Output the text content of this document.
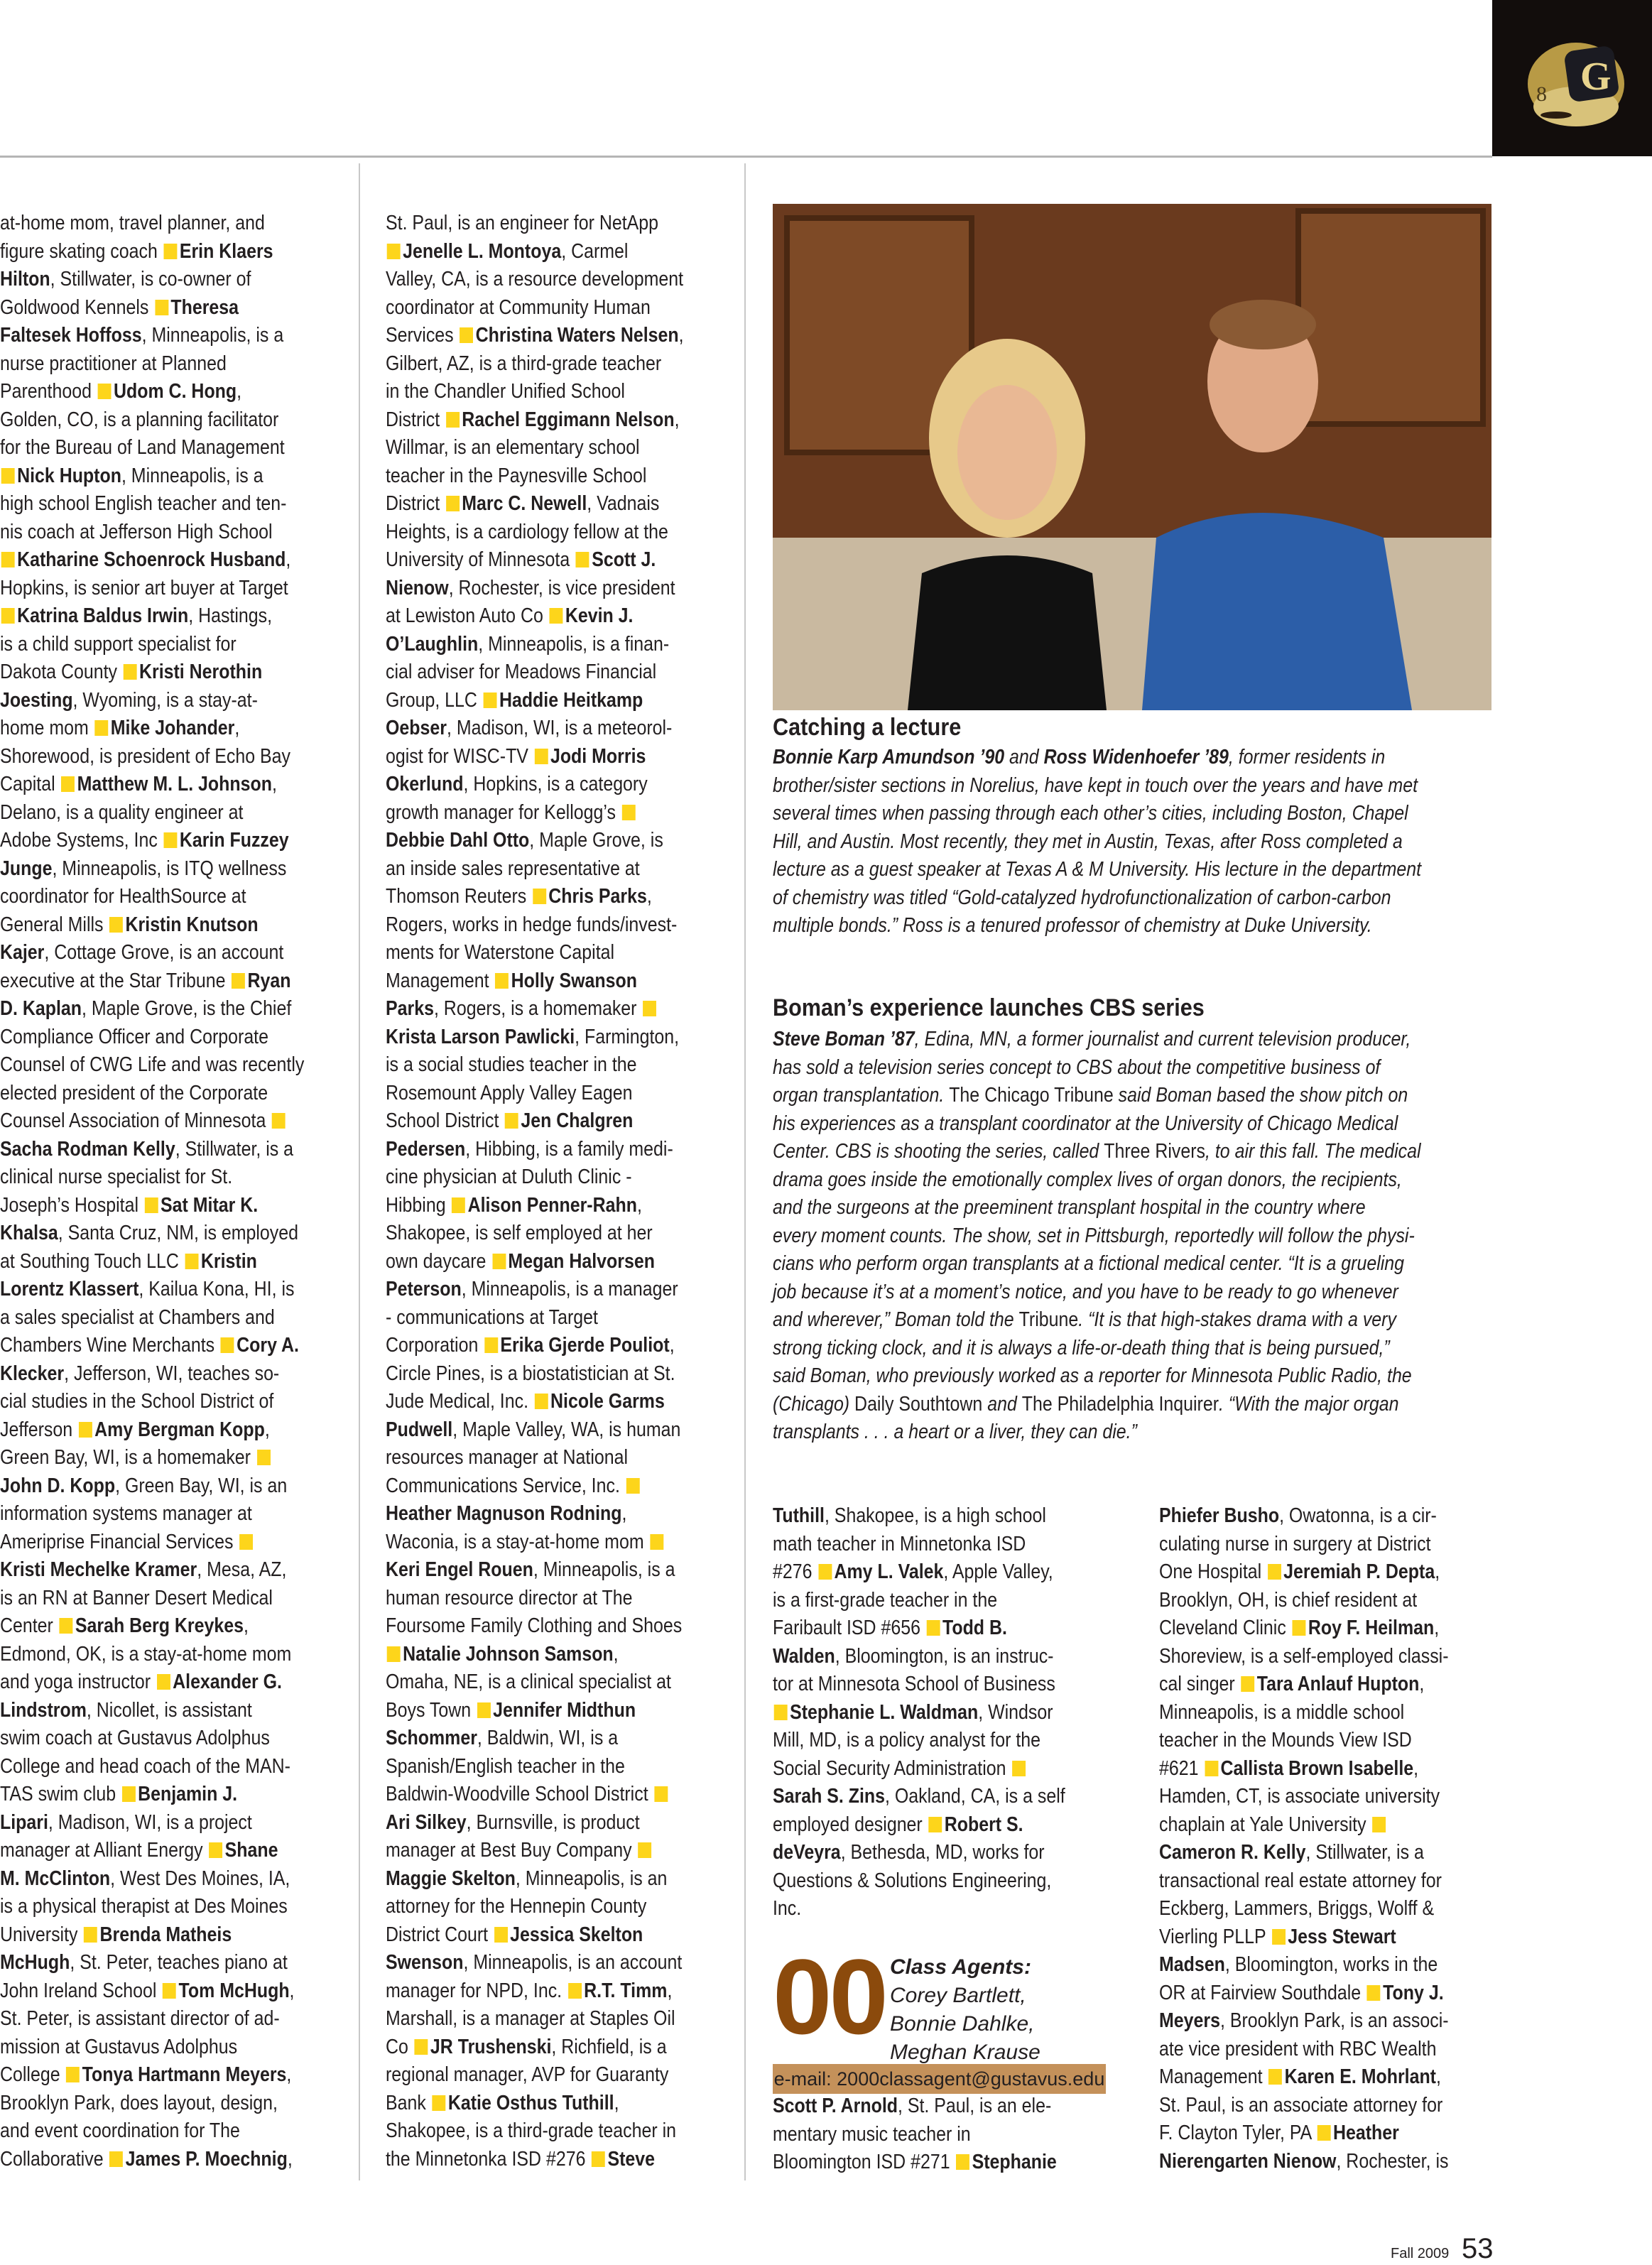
G
8
at-home mom, travel planner, and
figure skating coach Erin Klaers
Hilton, Stillwater, is co-owner of
Goldwood Kennels Theresa
Faltesek Hoffoss, Minneapolis, is a
nurse practitioner at Planned
Parenthood Udom C. Hong,
Golden, CO, is a planning facilitator
for the Bureau of Land Management
Nick Hupton, Minneapolis, is a
high school English teacher and ten-
nis coach at Jefferson High School
Katharine Schoenrock Husband,
Hopkins, is senior art buyer at Target
Katrina Baldus Irwin, Hastings,
is a child support specialist for
Dakota County Kristi Nerothin
Joesting, Wyoming, is a stay-at-
home mom Mike Johander,
Shorewood, is president of Echo Bay
Capital Matthew M. L. Johnson,
Delano, is a quality engineer at
Adobe Systems, Inc Karin Fuzzey
Junge, Minneapolis, is ITQ wellness
coordinator for HealthSource at
General Mills Kristin Knutson
Kajer, Cottage Grove, is an account
executive at the Star Tribune Ryan
D. Kaplan, Maple Grove, is the Chief
Compliance Officer and Corporate
Counsel of CWG Life and was recently
elected president of the Corporate
Counsel Association of Minnesota
Sacha Rodman Kelly, Stillwater, is a
clinical nurse specialist for St.
Joseph’s Hospital Sat Mitar K.
Khalsa, Santa Cruz, NM, is employed
at Southing Touch LLC Kristin
Lorentz Klassert, Kailua Kona, HI, is
a sales specialist at Chambers and
Chambers Wine Merchants Cory A.
Klecker, Jefferson, WI, teaches so-
cial studies in the School District of
Jefferson Amy Bergman Kopp,
Green Bay, WI, is a homemaker
John D. Kopp, Green Bay, WI, is an
information systems manager at
Ameriprise Financial Services
Kristi Mechelke Kramer, Mesa, AZ,
is an RN at Banner Desert Medical
Center Sarah Berg Kreykes,
Edmond, OK, is a stay-at-home mom
and yoga instructor Alexander G.
Lindstrom, Nicollet, is assistant
swim coach at Gustavus Adolphus
College and head coach of the MAN-
TAS swim club Benjamin J.
Lipari, Madison, WI, is a project
manager at Alliant Energy Shane
M. McClinton, West Des Moines, IA,
is a physical therapist at Des Moines
University Brenda Matheis
McHugh, St. Peter, teaches piano at
John Ireland School Tom McHugh,
St. Peter, is assistant director of ad-
mission at Gustavus Adolphus
College Tonya Hartmann Meyers,
Brooklyn Park, does layout, design,
and event coordination for The
Collaborative James P. Moechnig,
St. Paul, is an engineer for NetApp
Jenelle L. Montoya, Carmel
Valley, CA, is a resource development
coordinator at Community Human
Services Christina Waters Nelsen,
Gilbert, AZ, is a third-grade teacher
in the Chandler Unified School
District Rachel Eggimann Nelson,
Willmar, is an elementary school
teacher in the Paynesville School
District Marc C. Newell, Vadnais
Heights, is a cardiology fellow at the
University of Minnesota Scott J.
Nienow, Rochester, is vice president
at Lewiston Auto Co Kevin J.
O’Laughlin, Minneapolis, is a finan-
cial adviser for Meadows Financial
Group, LLC Haddie Heitkamp
Oebser, Madison, WI, is a meteorol-
ogist for WISC-TV Jodi Morris
Okerlund, Hopkins, is a category
growth manager for Kellogg’s
Debbie Dahl Otto, Maple Grove, is
an inside sales representative at
Thomson Reuters Chris Parks,
Rogers, works in hedge funds/invest-
ments for Waterstone Capital
Management Holly Swanson
Parks, Rogers, is a homemaker
Krista Larson Pawlicki, Farmington,
is a social studies teacher in the
Rosemount Apply Valley Eagen
School District Jen Chalgren
Pedersen, Hibbing, is a family medi-
cine physician at Duluth Clinic -
Hibbing Alison Penner-Rahn,
Shakopee, is self employed at her
own daycare Megan Halvorsen
Peterson, Minneapolis, is a manager
- communications at Target
Corporation Erika Gjerde Pouliot,
Circle Pines, is a biostatistician at St.
Jude Medical, Inc. Nicole Garms
Pudwell, Maple Valley, WA, is human
resources manager at National
Communications Service, Inc.
Heather Magnuson Rodning,
Waconia, is a stay-at-home mom
Keri Engel Rouen, Minneapolis, is a
human resource director at The
Foursome Family Clothing and Shoes
Natalie Johnson Samson,
Omaha, NE, is a clinical specialist at
Boys Town Jennifer Midthun
Schommer, Baldwin, WI, is a
Spanish/English teacher in the
Baldwin-Woodville School District
Ari Silkey, Burnsville, is product
manager at Best Buy Company
Maggie Skelton, Minneapolis, is an
attorney for the Hennepin County
District Court Jessica Skelton
Swenson, Minneapolis, is an account
manager for NPD, Inc. R.T. Timm,
Marshall, is a manager at Staples Oil
Co JR Trushenski, Richfield, is a
regional manager, AVP for Guaranty
Bank Katie Osthus Tuthill,
Shakopee, is a third-grade teacher in
the Minnetonka ISD #276 Steve
Catching a lecture
Bonnie Karp Amundson ’90 and Ross Widenhoefer ’89, former residents in
brother/sister sections in Norelius, have kept in touch over the years and have met
several times when passing through each other’s cities, including Boston, Chapel
Hill, and Austin. Most recently, they met in Austin, Texas, after Ross completed a
lecture as a guest speaker at Texas A & M University. His lecture in the department
of chemistry was titled “Gold-catalyzed hydrofunctionalization of carbon-carbon
multiple bonds.” Ross is a tenured professor of chemistry at Duke University.
Boman’s experience launches CBS series
Steve Boman ’87, Edina, MN, a former journalist and current television producer,
has sold a television series concept to CBS about the competitive business of
organ transplantation. The Chicago Tribune said Boman based the show pitch on
his experiences as a transplant coordinator at the University of Chicago Medical
Center. CBS is shooting the series, called Three Rivers, to air this fall. The medical
drama goes inside the emotionally complex lives of organ donors, the recipients,
and the surgeons at the preeminent transplant hospital in the country where
every moment counts. The show, set in Pittsburgh, reportedly will follow the physi-
cians who perform organ transplants at a fictional medical center. “It is a grueling
job because it’s at a moment’s notice, and you have to be ready to go whenever
and wherever,” Boman told the Tribune. “It is that high-stakes drama with a very
strong ticking clock, and it is always a life-or-death thing that is being pursued,”
said Boman, who previously worked as a reporter for Minnesota Public Radio, the
(Chicago) Daily Southtown and The Philadelphia Inquirer. “With the major organ
transplants . . . a heart or a liver, they can die.”
Tuthill, Shakopee, is a high school
math teacher in Minnetonka ISD
#276 Amy L. Valek, Apple Valley,
is a first-grade teacher in the
Faribault ISD #656 Todd B.
Walden, Bloomington, is an instruc-
tor at Minnesota School of Business
Stephanie L. Waldman, Windsor
Mill, MD, is a policy analyst for the
Social Security Administration
Sarah S. Zins, Oakland, CA, is a self
employed designer Robert S.
deVeyra, Bethesda, MD, works for
Questions & Solutions Engineering,
Inc.
00 Class Agents:
Corey Bartlett,
Bonnie Dahlke,
Meghan Krause
e-mail: 2000classagent@gustavus.edu
Scott P. Arnold, St. Paul, is an ele-
mentary music teacher in
Bloomington ISD #271 Stephanie
Phiefer Busho, Owatonna, is a cir-
culating nurse in surgery at District
One Hospital Jeremiah P. Depta,
Brooklyn, OH, is chief resident at
Cleveland Clinic Roy F. Heilman,
Shoreview, is a self-employed classi-
cal singer Tara Anlauf Hupton,
Minneapolis, is a middle school
teacher in the Mounds View ISD
#621 Callista Brown Isabelle,
Hamden, CT, is associate university
chaplain at Yale University
Cameron R. Kelly, Stillwater, is a
transactional real estate attorney for
Eckberg, Lammers, Briggs, Wolff &
Vierling PLLP Jess Stewart
Madsen, Bloomington, works in the
OR at Fairview Southdale Tony J.
Meyers, Brooklyn Park, is an associ-
ate vice president with RBC Wealth
Management Karen E. Mohrlant,
St. Paul, is an associate attorney for
F. Clayton Tyler, PA Heather
Nierengarten Nienow, Rochester, is
Fall 2009 53
